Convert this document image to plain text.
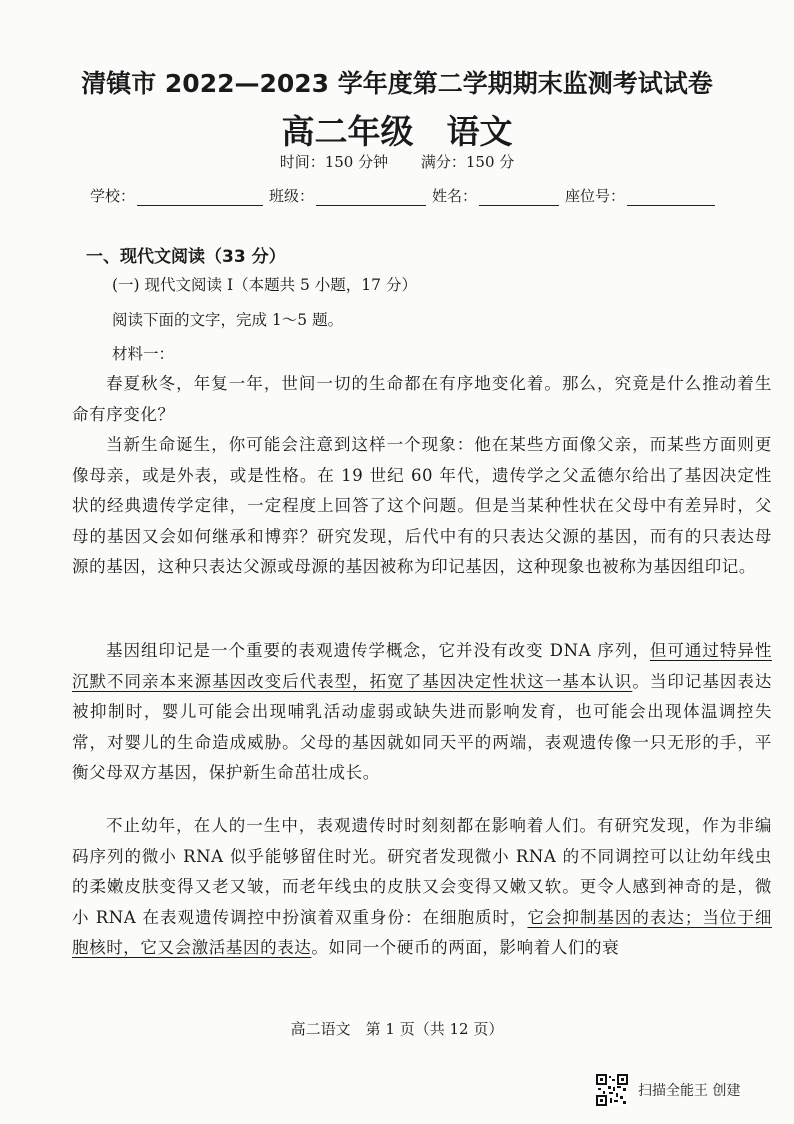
清镇市 2022—2023 学年度第二学期期末监测考试试卷
高二年级　语文
时间：150 分钟 满分：150 分
学校：	班级：	姓名：	座位号：
一、现代文阅读（33 分）
(一) 现代文阅读 I（本题共 5 小题，17 分）
阅读下面的文字，完成 1～5 题。
材料一：
春夏秋冬，年复一年，世间一切的生命都在有序地变化着。那么，究竟是什么推动着生命有序变化？
当新生命诞生，你可能会注意到这样一个现象：他在某些方面像父亲，而某些方面则更像母亲，或是外表，或是性格。在 19 世纪 60 年代，遗传学之父孟德尔给出了基因决定性状的经典遗传学定律，一定程度上回答了这个问题。但是当某种性状在父母中有差异时，父母的基因又会如何继承和博弈？研究发现，后代中有的只表达父源的基因，而有的只表达母源的基因，这种只表达父源或母源的基因被称为印记基因，这种现象也被称为基因组印记。
基因组印记是一个重要的表观遗传学概念，它并没有改变 DNA 序列，但可通过特异性沉默不同亲本来源基因改变后代表型，拓宽了基因决定性状这一基本认识。当印记基因表达被抑制时，婴儿可能会出现哺乳活动虚弱或缺失进而影响发育，也可能会出现体温调控失常，对婴儿的生命造成威胁。父母的基因就如同天平的两端，表观遗传像一只无形的手，平衡父母双方基因，保护新生命茁壮成长。
不止幼年，在人的一生中，表观遗传时时刻刻都在影响着人们。有研究发现，作为非编码序列的微小 RNA 似乎能够留住时光。研究者发现微小 RNA 的不同调控可以让幼年线虫的柔嫩皮肤变得又老又皱，而老年线虫的皮肤又会变得又嫩又软。更令人感到神奇的是，微小 RNA 在表观遗传调控中扮演着双重身份：在细胞质时，它会抑制基因的表达；当位于细胞核时，它又会激活基因的表达。如同一个硬币的两面，影响着人们的衰
高二语文　第 1 页（共 12 页）
扫描全能王 创建
